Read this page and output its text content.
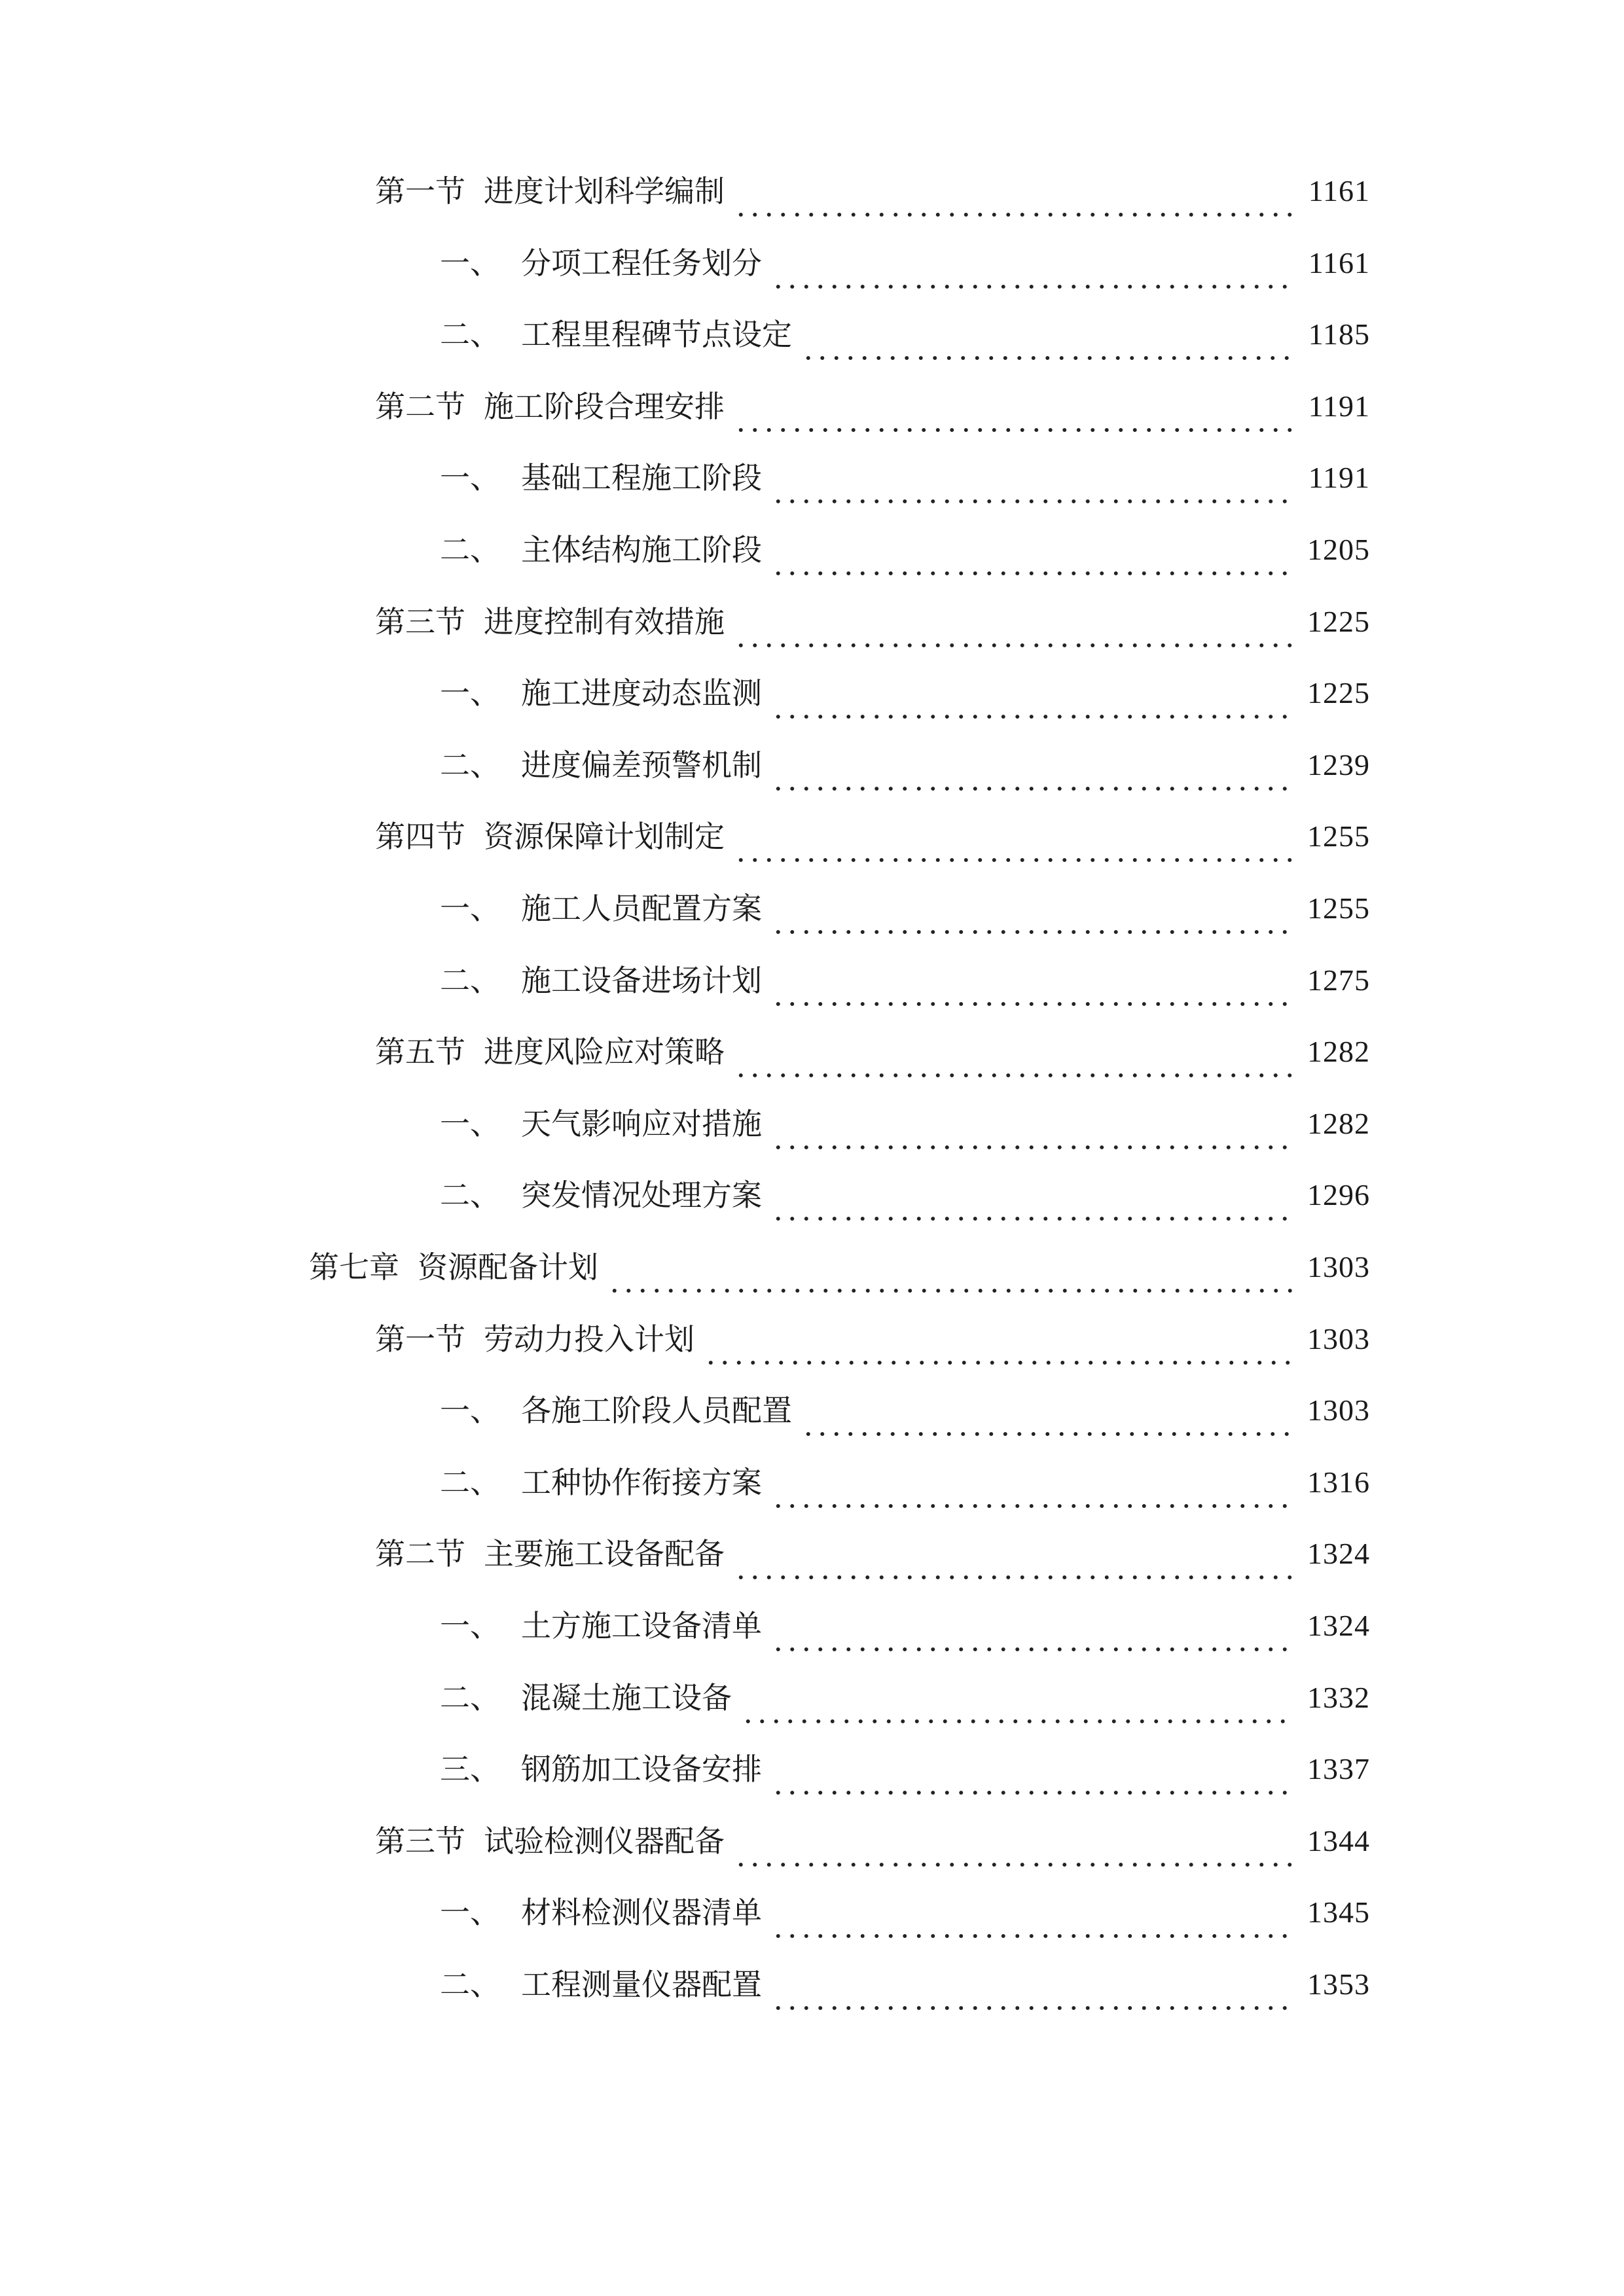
第一节 进度计划科学编制	1161
一、 分项工程任务划分	1161
二、 工程里程碑节点设定	1185
第二节 施工阶段合理安排	1191
一、 基础工程施工阶段	1191
二、 主体结构施工阶段	1205
第三节 进度控制有效措施	1225
一、 施工进度动态监测	1225
二、 进度偏差预警机制	1239
第四节 资源保障计划制定	1255
一、 施工人员配置方案	1255
二、 施工设备进场计划	1275
第五节 进度风险应对策略	1282
一、 天气影响应对措施	1282
二、 突发情况处理方案	1296
第七章 资源配备计划	1303
第一节 劳动力投入计划	1303
一、 各施工阶段人员配置	1303
二、 工种协作衔接方案	1316
第二节 主要施工设备配备	1324
一、 土方施工设备清单	1324
二、 混凝土施工设备	1332
三、 钢筋加工设备安排	1337
第三节 试验检测仪器配备	1344
一、 材料检测仪器清单	1345
二、 工程测量仪器配置	1353
